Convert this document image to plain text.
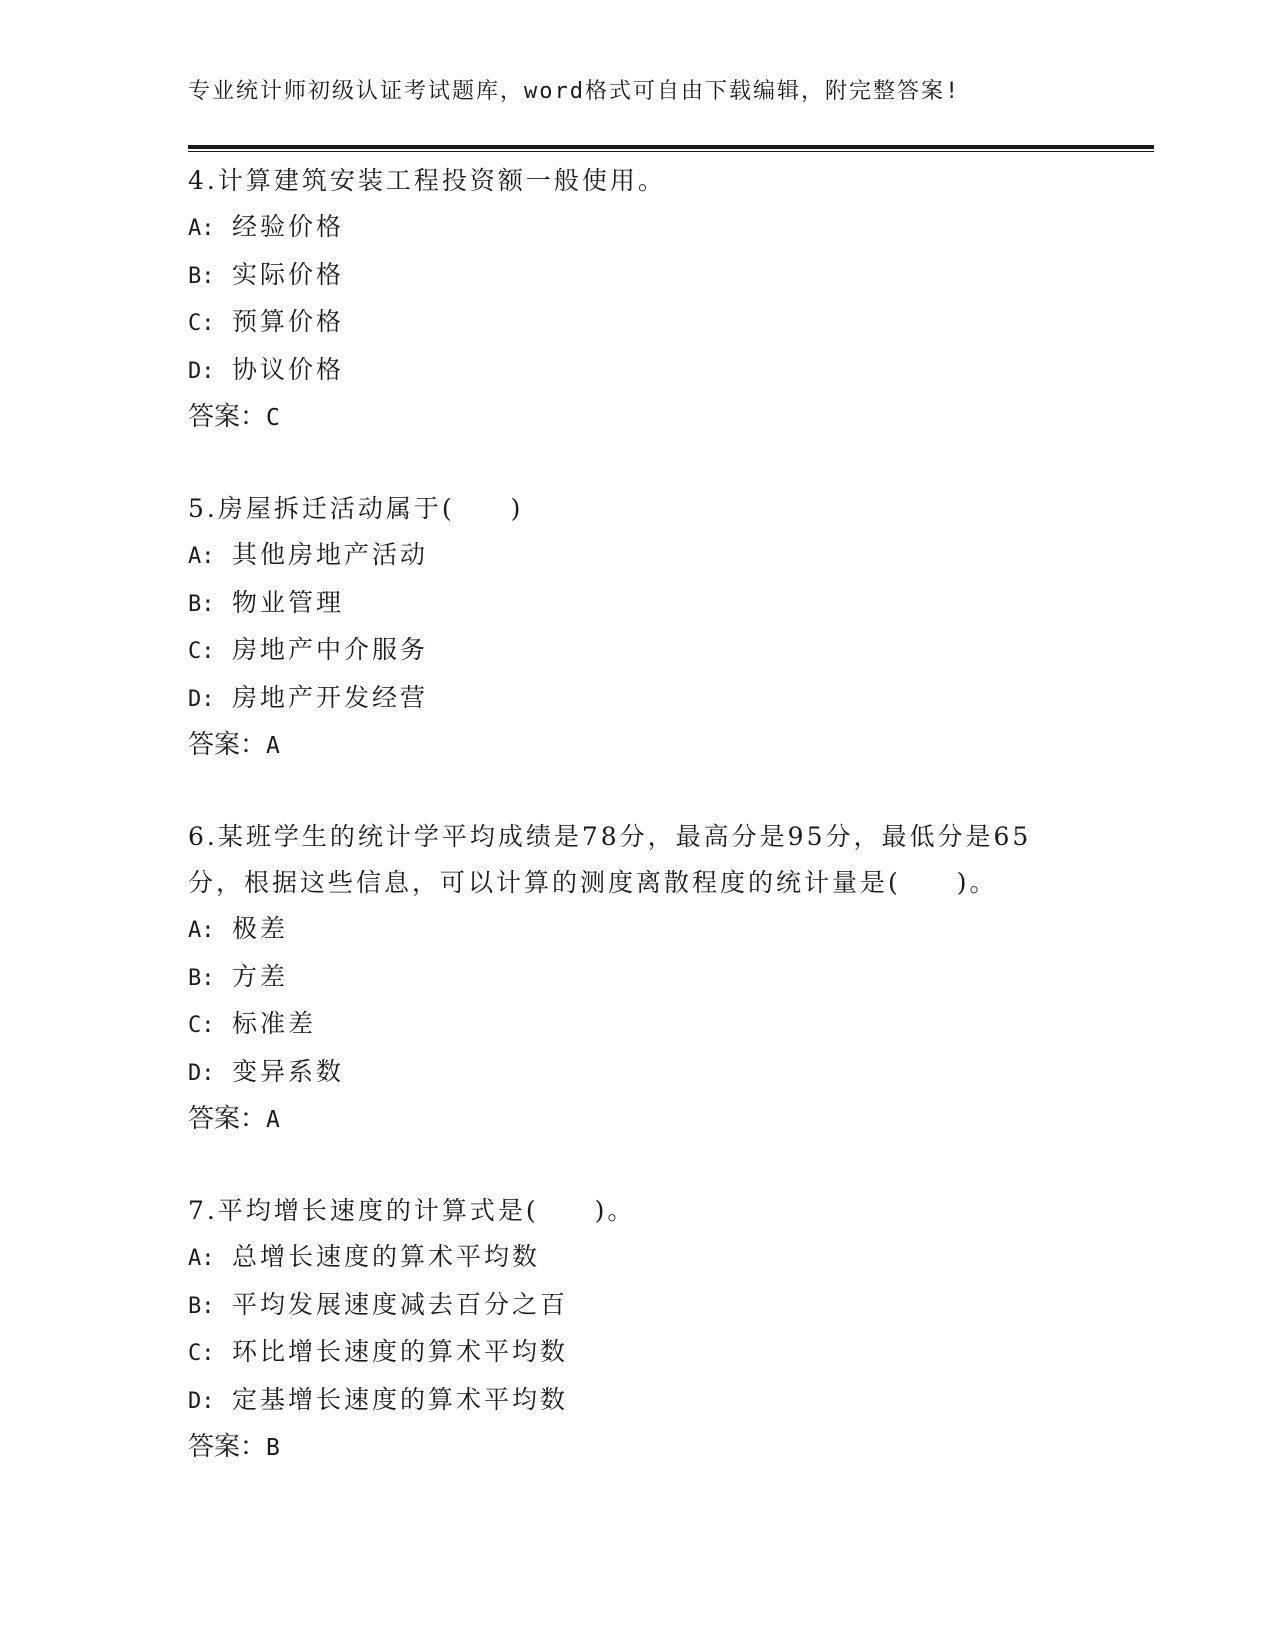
专业统计师初级认证考试题库，word格式可自由下载编辑，附完整答案!

4.计算建筑安装工程投资额一般使用。

A: 经验价格

B: 实际价格

C: 预算价格

D: 协议价格

答案：C

5.房屋拆迁活动属于(　　)

A: 其他房地产活动

B: 物业管理

C: 房地产中介服务

D: 房地产开发经营

答案：A

6.某班学生的统计学平均成绩是78分，最高分是95分，最低分是65分，根据这些信息，可以计算的测度离散程度的统计量是(　　)。

A: 极差

B: 方差

C: 标准差

D: 变异系数

答案：A

7.平均增长速度的计算式是(　　)。

A: 总增长速度的算术平均数

B: 平均发展速度减去百分之百

C: 环比增长速度的算术平均数

D: 定基增长速度的算术平均数

答案：B
